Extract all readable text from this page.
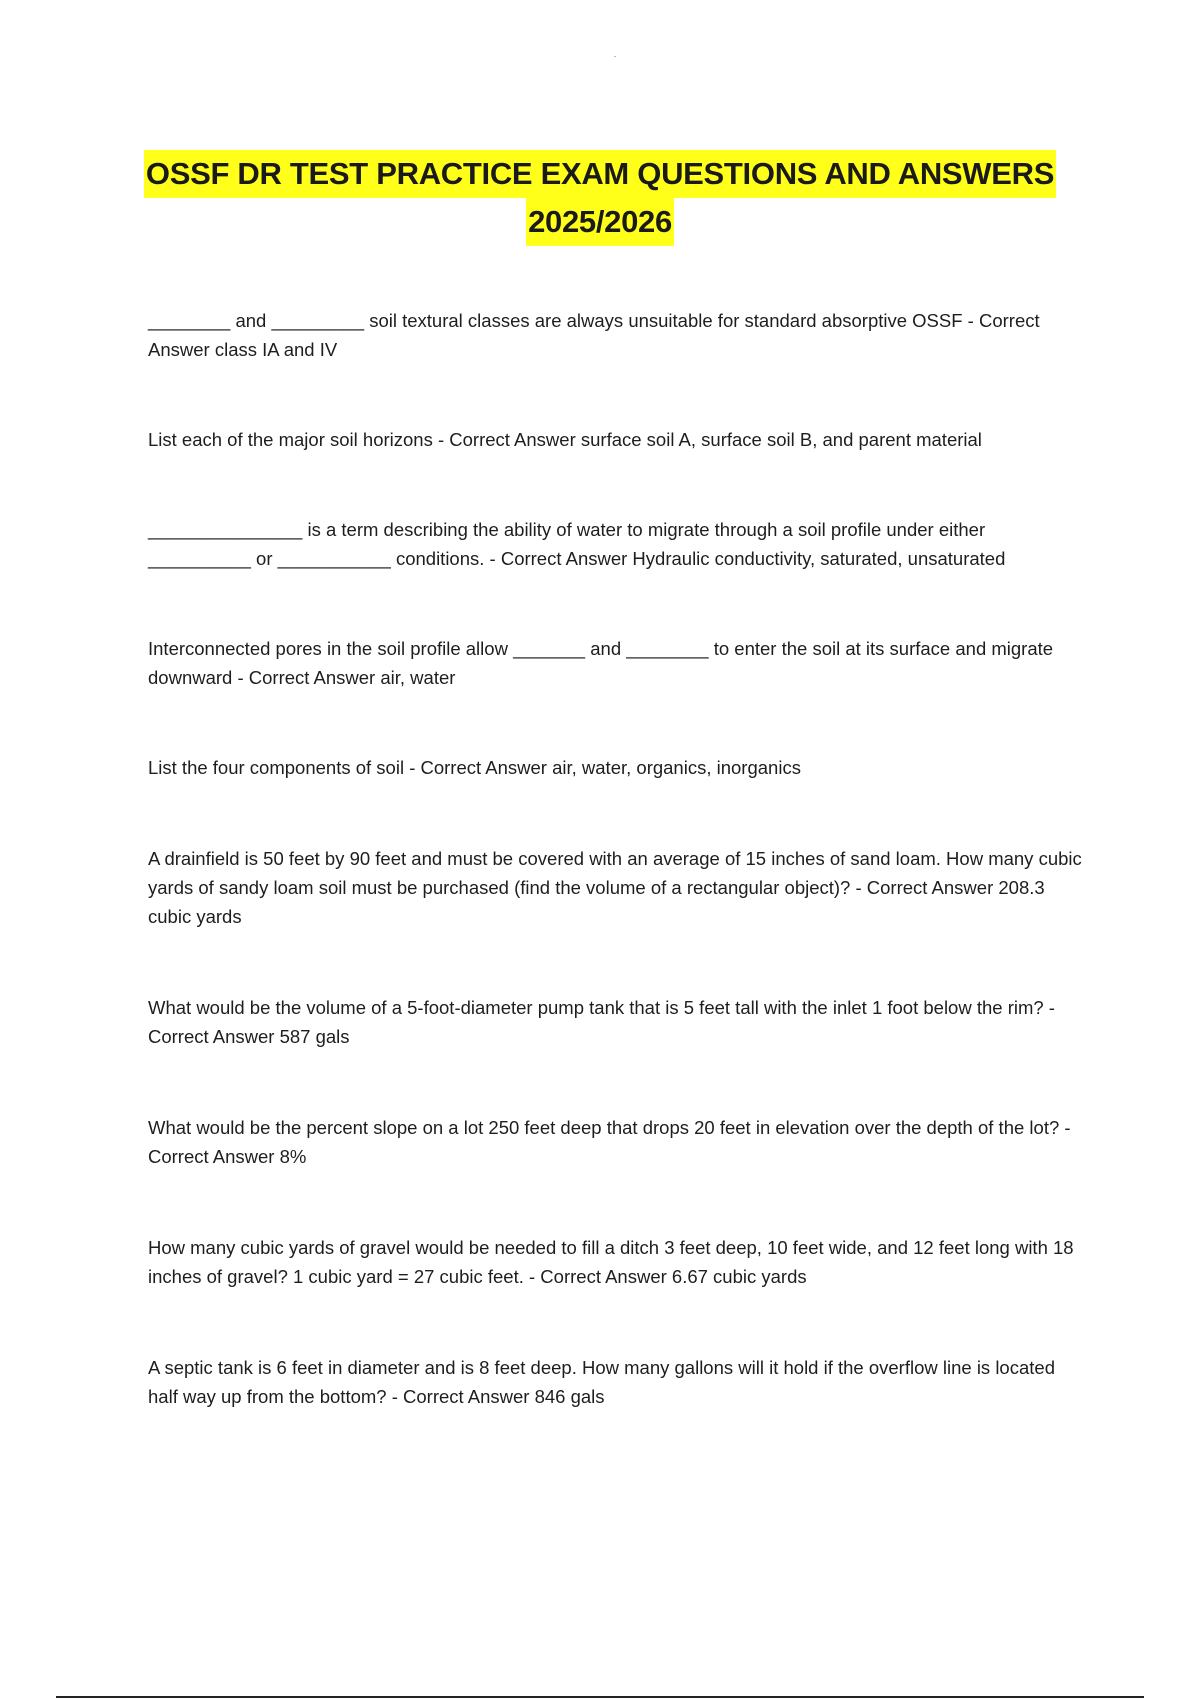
OSSF DR TEST PRACTICE EXAM QUESTIONS AND ANSWERS
2025/2026
________ and _________ soil textural classes are always unsuitable for standard absorptive OSSF - Correct Answer class IA and IV
List each of the major soil horizons - Correct Answer surface soil A, surface soil B, and parent material
_______________ is a term describing the ability of water to migrate through a soil profile under either __________ or ___________ conditions. - Correct Answer Hydraulic conductivity, saturated, unsaturated
Interconnected pores in the soil profile allow _______ and ________ to enter the soil at its surface and migrate downward - Correct Answer air, water
List the four components of soil - Correct Answer air, water, organics, inorganics
A drainfield is 50 feet by 90 feet and must be covered with an average of 15 inches of sand loam. How many cubic yards of sandy loam soil must be purchased (find the volume of a rectangular object)? - Correct Answer 208.3 cubic yards
What would be the volume of a 5-foot-diameter pump tank that is 5 feet tall with the inlet 1 foot below the rim? - Correct Answer 587 gals
What would be the percent slope on a lot 250 feet deep that drops 20 feet in elevation over the depth of the lot? - Correct Answer 8%
How many cubic yards of gravel would be needed to fill a ditch 3 feet deep, 10 feet wide, and 12 feet long with 18 inches of gravel? 1 cubic yard = 27 cubic feet. - Correct Answer 6.67 cubic yards
A septic tank is 6 feet in diameter and is 8 feet deep. How many gallons will it hold if the overflow line is located half way up from the bottom? - Correct Answer 846 gals
